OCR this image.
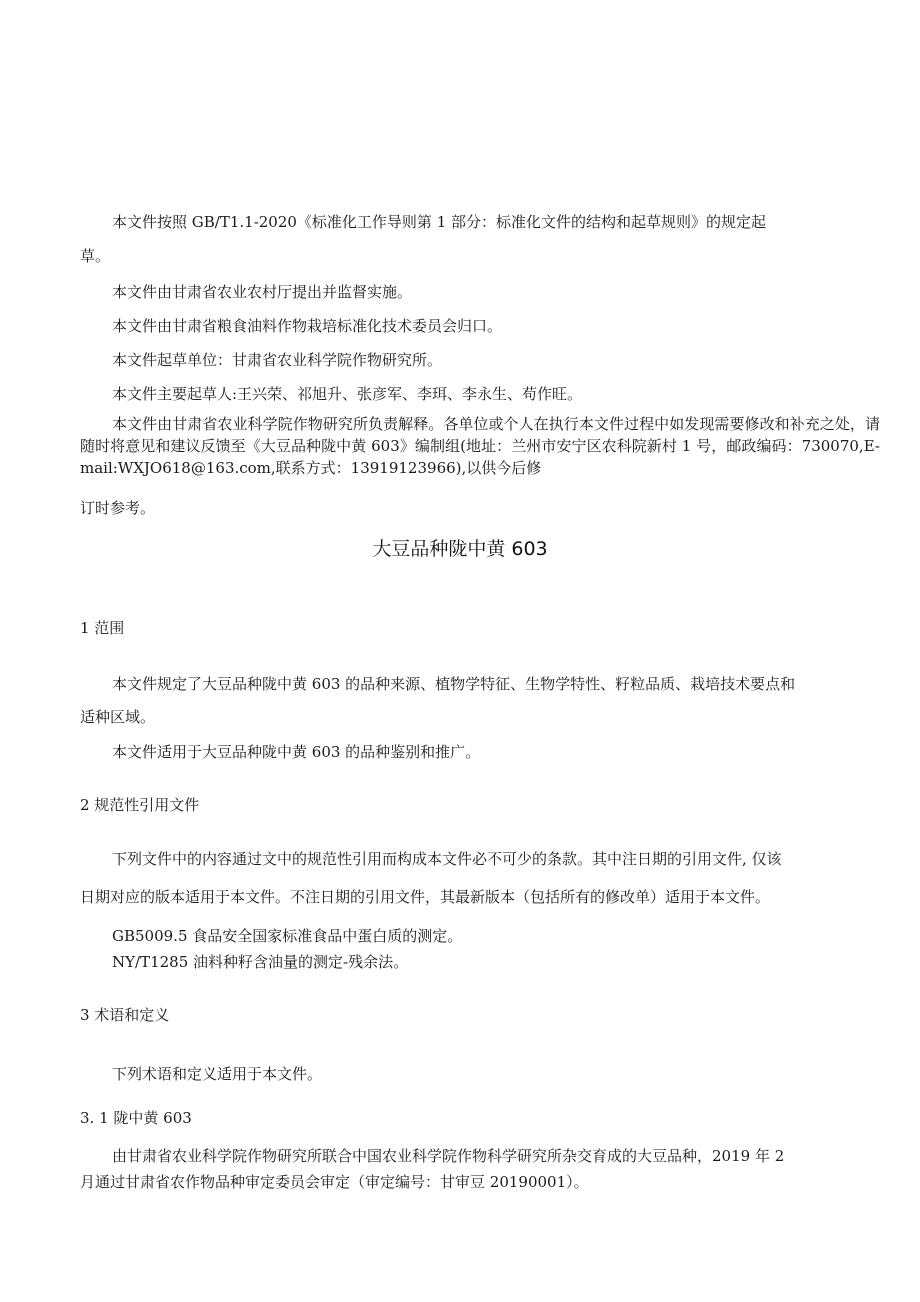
本文件按照 GB/T1.1-2020《标准化工作导则第 1 部分：标准化文件的结构和起草规则》的规定起
草。
本文件由甘肃省农业农村厅提出并监督实施。
本文件由甘肃省粮食油料作物栽培标准化技术委员会归口。
本文件起草单位：甘肃省农业科学院作物研究所。
本文件主要起草人:王兴荣、祁旭升、张彦军、李珥、李永生、苟作旺。
本文件由甘肃省农业科学院作物研究所负责解释。各单位或个人在执行本文件过程中如发现需要修改和补充之处，请随时将意见和建议反馈至《大豆品种陇中黄 603》编制组(地址：兰州市安宁区农科院新村 1 号，邮政编码：730070,E-mail:WXJO618@163.com,联系方式：13919123966),以供今后修
订时参考。
大豆品种陇中黄 603
1 范围
本文件规定了大豆品种陇中黄 603 的品种来源、植物学特征、生物学特性、籽粒品质、栽培技术要点和
适种区域。
本文件适用于大豆品种陇中黄 603 的品种鉴别和推广。
2 规范性引用文件
下列文件中的内容通过文中的规范性引用而构成本文件必不可少的条款。其中注日期的引用文件, 仅该
日期对应的版本适用于本文件。不注日期的引用文件，其最新版本（包括所有的修改单）适用于本文件。
GB5009.5 食品安全国家标准食品中蛋白质的测定。
NY/T1285 油料种籽含油量的测定-残余法。
3 术语和定义
下列术语和定义适用于本文件。
3. 1 陇中黄 603
由甘肃省农业科学院作物研究所联合中国农业科学院作物科学研究所杂交育成的大豆品种，2019 年 2
月通过甘肃省农作物品种审定委员会审定（审定编号：甘审豆 20190001）。
